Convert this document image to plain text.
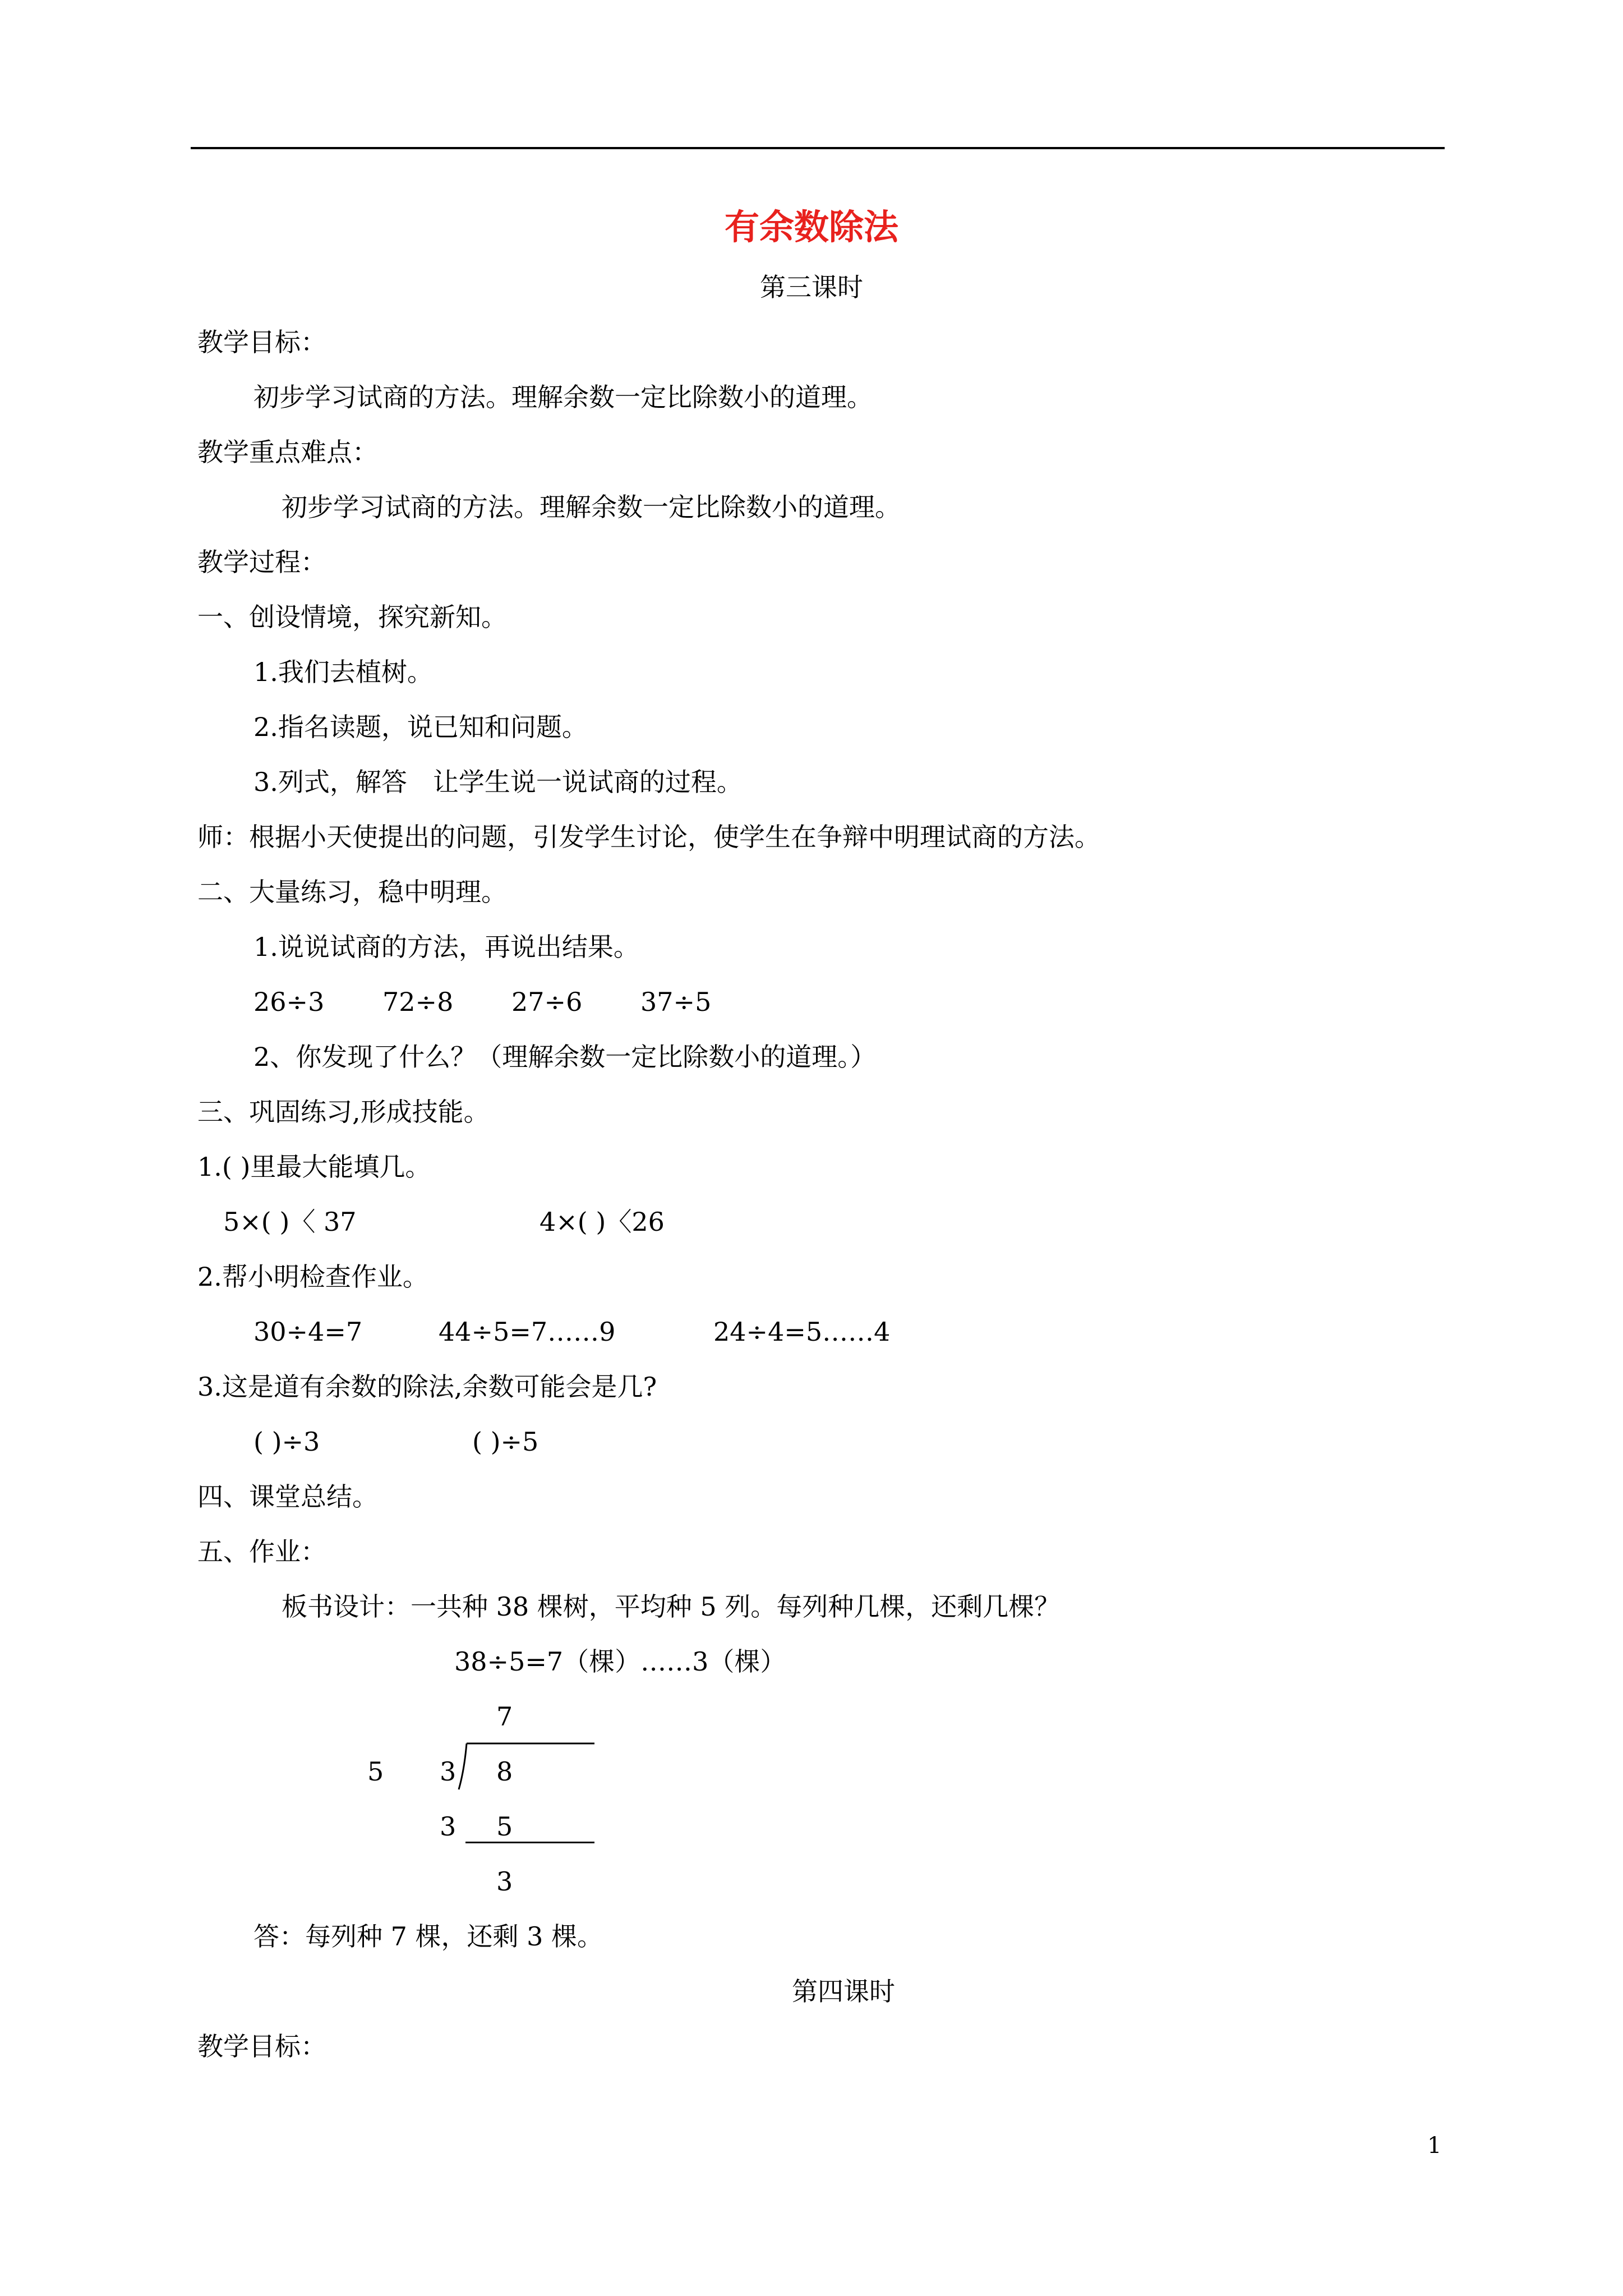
有余数除法
第三课时
教学目标：
初步学习试商的方法。理解余数一定比除数小的道理。
教学重点难点：
初步学习试商的方法。理解余数一定比除数小的道理。
教学过程：
一、创设情境，探究新知。
1.我们去植树。
2.指名读题，说已知和问题。
3.列式，解答　让学生说一说试商的过程。
师：根据小天使提出的问题，引发学生讨论，使学生在争辩中明理试商的方法。
二、大量练习，稳中明理。
1.说说试商的方法，再说出结果。
26÷3 72÷8 27÷6 37÷5
2、你发现了什么？（理解余数一定比除数小的道理。）
三、巩固练习,形成技能。
1.( )里最大能填几。
5×( )〈 37	4×( )〈26
2.帮小明检查作业。
30÷4=7	44÷5=7……9	24÷4=5……4
3.这是道有余数的除法,余数可能会是几?
( )÷3	( )÷5
四、课堂总结。
五、作业：
板书设计：一共种 38 棵树，平均种 5 列。每列种几棵，还剩几棵？
38÷5=7（棵）……3（棵）
7
5 3 8
3 5
3
答：每列种 7 棵，还剩 3 棵。
第四课时
教学目标：
1
